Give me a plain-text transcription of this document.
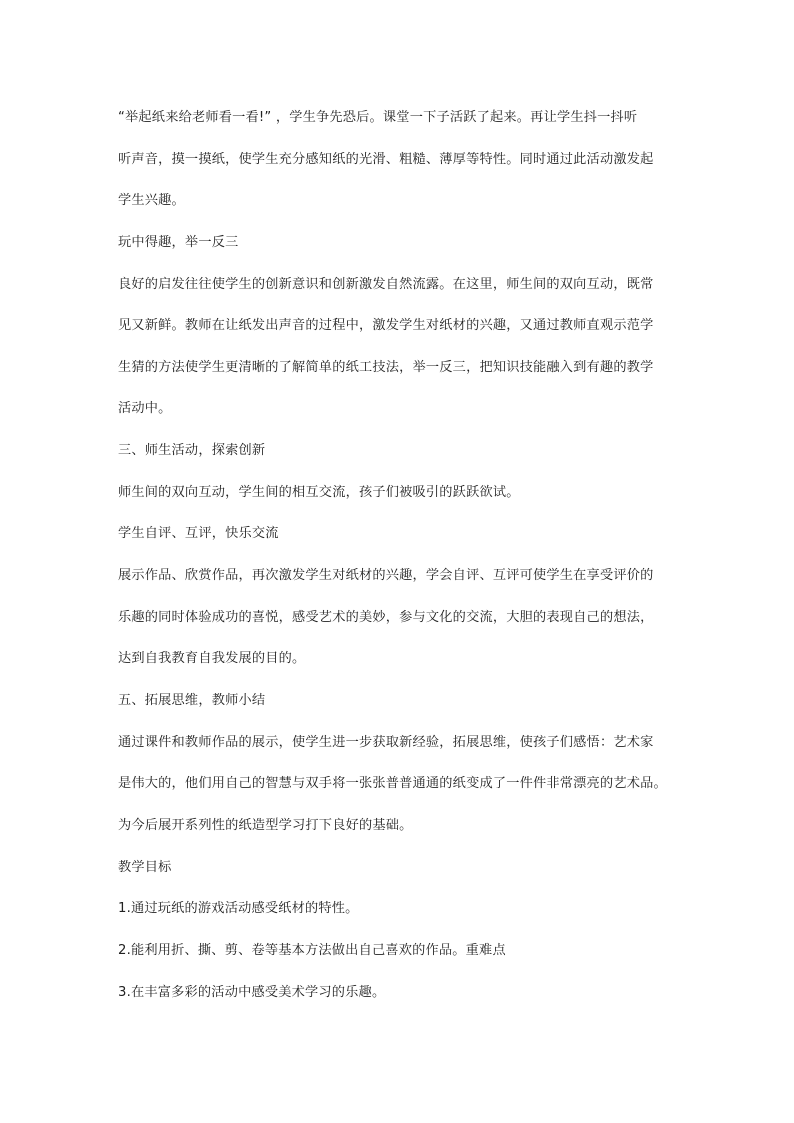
“举起纸来给老师看一看!” ，学生争先恐后。课堂一下子活跃了起来。再让学生抖一抖听
听声音，摸一摸纸，使学生充分感知纸的光滑、粗糙、薄厚等特性。同时通过此活动激发起
学生兴趣。
玩中得趣，举一反三
良好的启发往往使学生的创新意识和创新激发自然流露。在这里，师生间的双向互动，既常
见又新鲜。教师在让纸发出声音的过程中，激发学生对纸材的兴趣，又通过教师直观示范学
生猜的方法使学生更清晰的了解简单的纸工技法，举一反三，把知识技能融入到有趣的教学
活动中。
三、师生活动，探索创新
师生间的双向互动，学生间的相互交流，孩子们被吸引的跃跃欲试。
学生自评、互评，快乐交流
展示作品、欣赏作品，再次激发学生对纸材的兴趣，学会自评、互评可使学生在享受评价的
乐趣的同时体验成功的喜悦，感受艺术的美妙，参与文化的交流，大胆的表现自己的想法，
达到自我教育自我发展的目的。
五、拓展思维，教师小结
通过课件和教师作品的展示，使学生进一步获取新经验，拓展思维，使孩子们感悟：艺术家
是伟大的，他们用自己的智慧与双手将一张张普普通通的纸变成了一件件非常漂亮的艺术品。
为今后展开系列性的纸造型学习打下良好的基础。
教学目标
1.通过玩纸的游戏活动感受纸材的特性。
2.能利用折、撕、剪、卷等基本方法做出自己喜欢的作品。重难点
3.在丰富多彩的活动中感受美术学习的乐趣。
